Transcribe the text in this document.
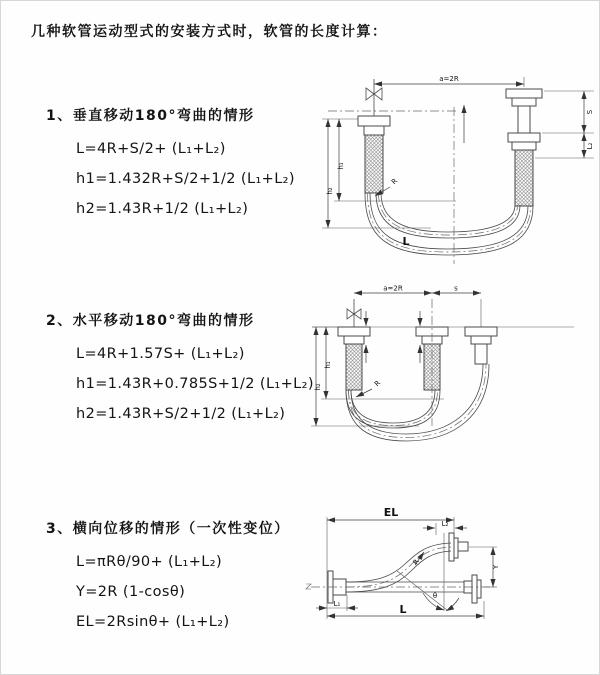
几种软管运动型式的安装方式时，软管的长度计算：
1、垂直移动180°弯曲的情形
L=4R+S/2+ (L₁+L₂)
h1=1.432R+S/2+1/2 (L₁+L₂)
h2=1.43R+1/2 (L₁+L₂)
2、水平移动180°弯曲的情形
L=4R+1.57S+ (L₁+L₂)
h1=1.43R+0.785S+1/2 (L₁+L₂)
h2=1.43R+S/2+1/2 (L₁+L₂)
3、横向位移的情形（一次性变位）
L=πRθ/90+ (L₁+L₂)
Y=2R (1-cosθ)
EL=2Rsinθ+ (L₁+L₂)
a=2R
S
L₂
h₁
h₂
R
L
a=2R	s
h₁
h₂	R
EL
L₂
Y
θ
R
L
L₁
